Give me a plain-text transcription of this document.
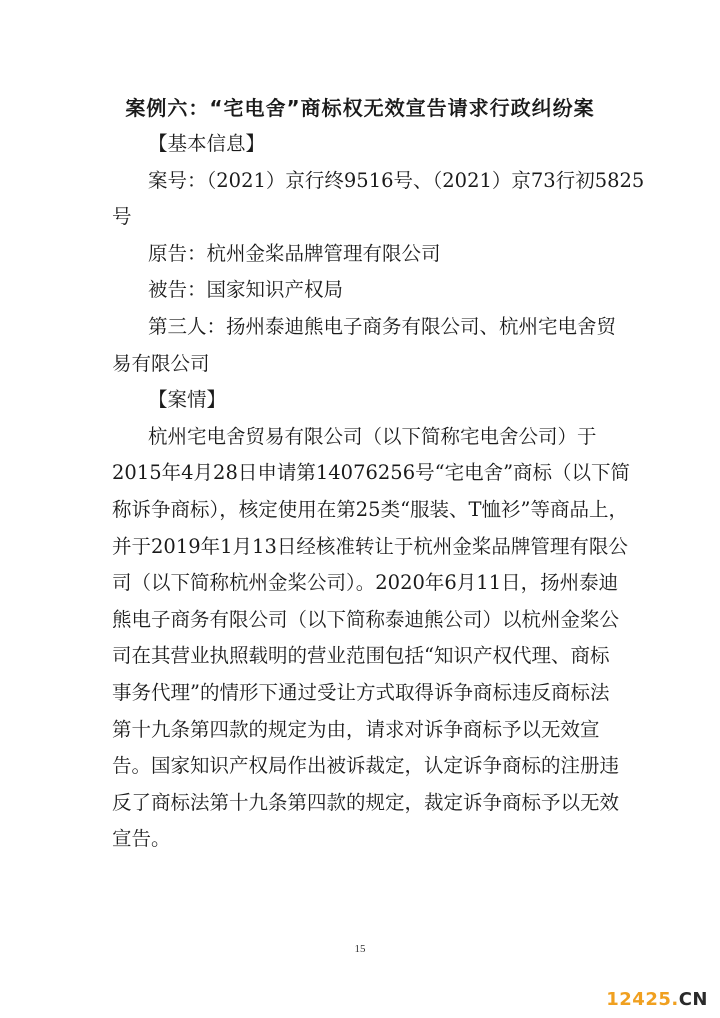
案例六：“宅电舍”商标权无效宣告请求行政纠纷案
【基本信息】
案号：（2021）京行终9516号、（2021）京73行初5825
号
原告：杭州金桨品牌管理有限公司
被告：国家知识产权局
第三人：扬州泰迪熊电子商务有限公司、杭州宅电舍贸
易有限公司
【案情】
杭州宅电舍贸易有限公司（以下简称宅电舍公司）于
2015年4月28日申请第14076256号“宅电舍”商标（以下简
称诉争商标），核定使用在第25类“服装、T恤衫”等商品上，
并于2019年1月13日经核准转让于杭州金桨品牌管理有限公
司（以下简称杭州金桨公司）。2020年6月11日，扬州泰迪
熊电子商务有限公司（以下简称泰迪熊公司）以杭州金桨公
司在其营业执照载明的营业范围包括“知识产权代理、商标
事务代理”的情形下通过受让方式取得诉争商标违反商标法
第十九条第四款的规定为由，请求对诉争商标予以无效宣
告。国家知识产权局作出被诉裁定，认定诉争商标的注册违
反了商标法第十九条第四款的规定，裁定诉争商标予以无效
宣告。
15
12425.CN
